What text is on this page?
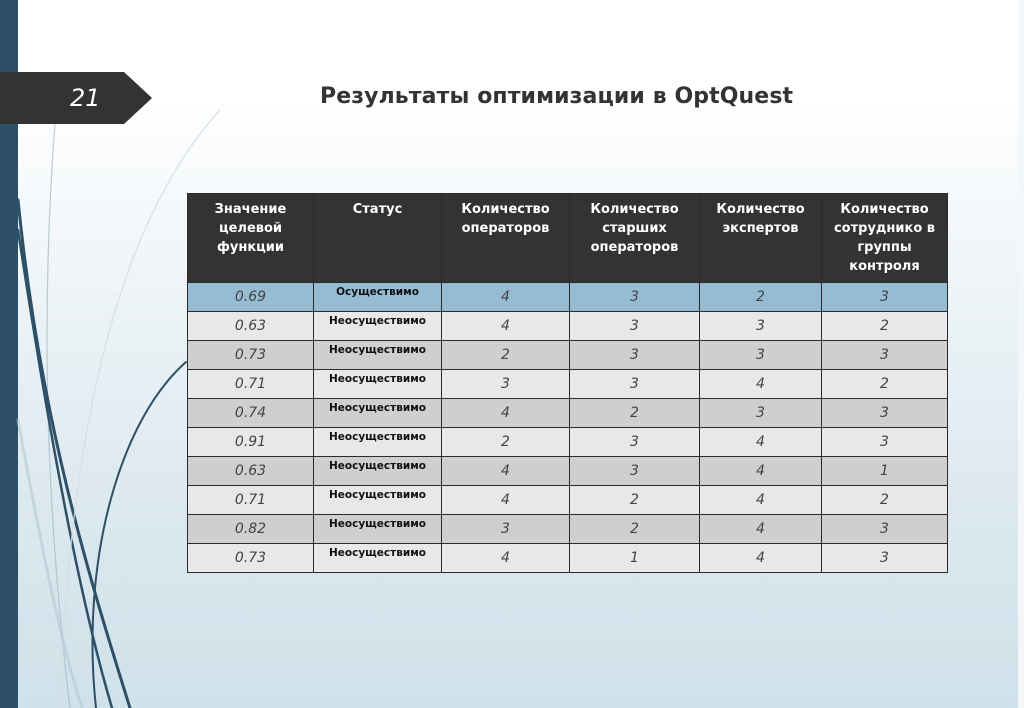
21	Результаты оптимизации в OptQuest
Значение целевой функции	Статус	Количество операторов	Количество старших операторов	Количество экспертов	Количество сотруднико в группы контроля
0.69	Осуществимо	4	3	2	3
0.63	Неосуществимо	4	3	3	2
0.73	Неосуществимо	2	3	3	3
0.71	Неосуществимо	3	3	4	2
0.74	Неосуществимо	4	2	3	3
0.91	Неосуществимо	2	3	4	3
0.63	Неосуществимо	4	3	4	1
0.71	Неосуществимо	4	2	4	2
0.82	Неосуществимо	3	2	4	3
0.73	Неосуществимо	4	1	4	3
